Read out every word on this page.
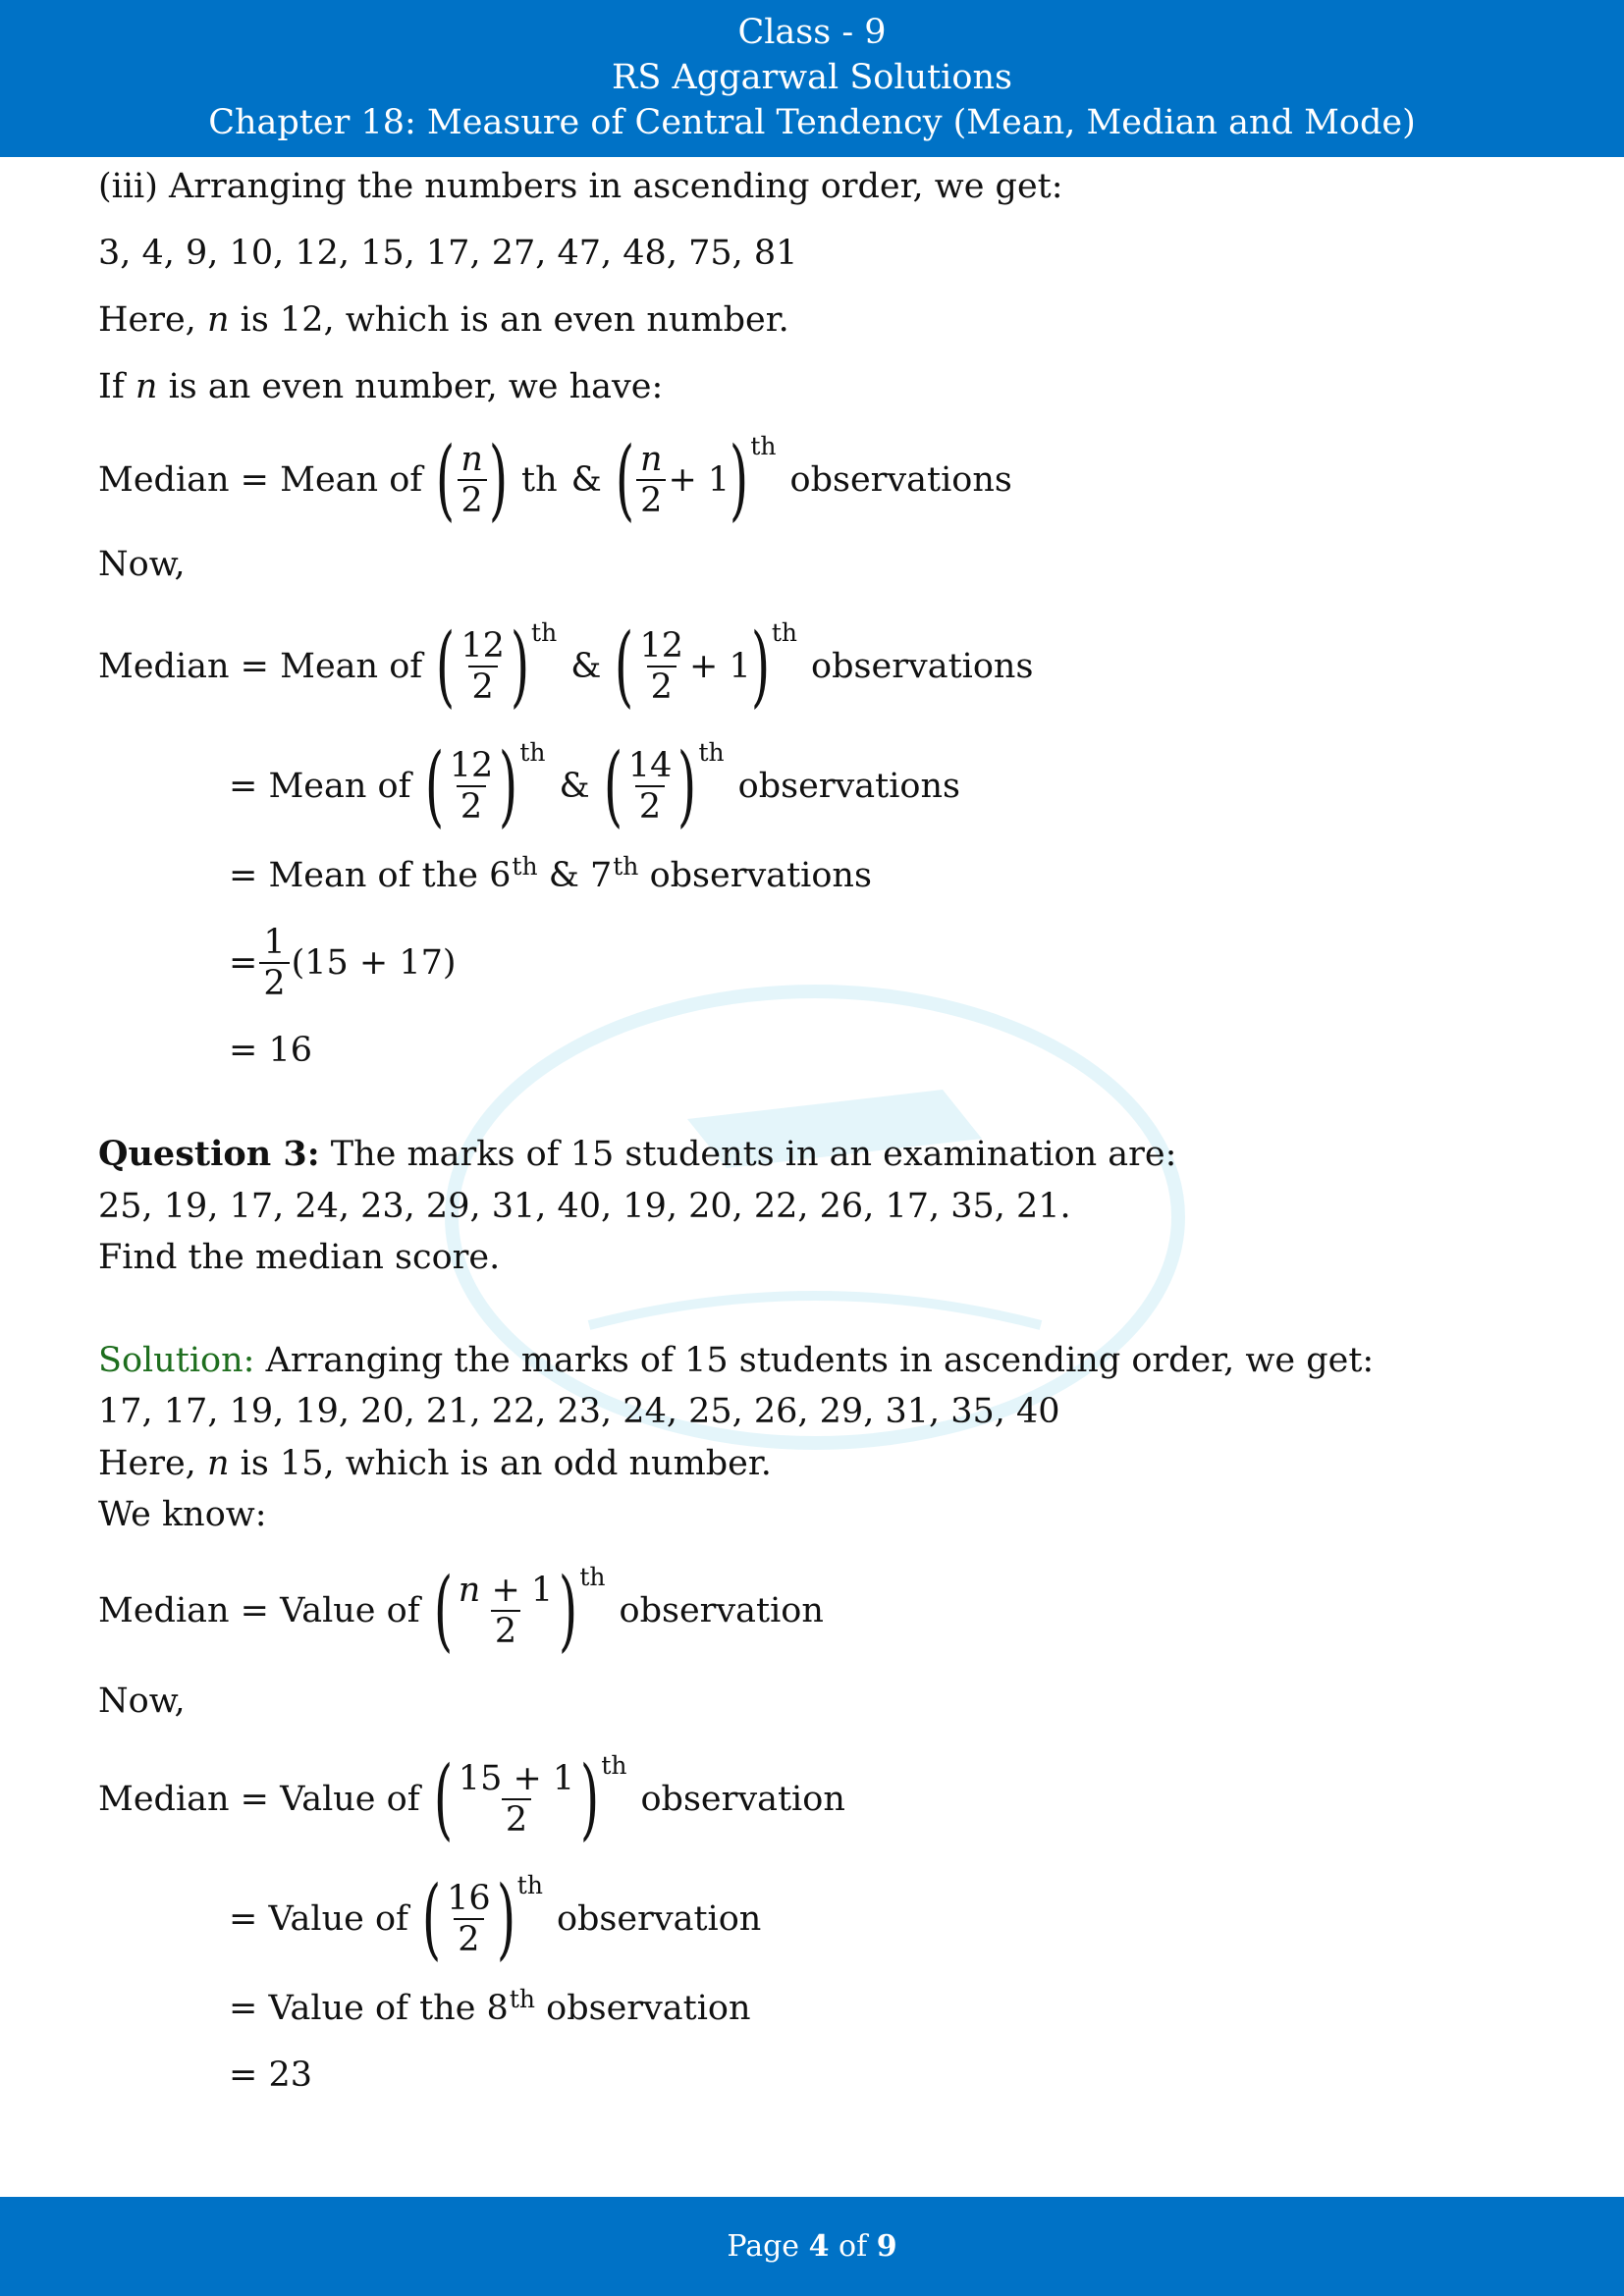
Class - 9
RS Aggarwal Solutions
Chapter 18: Measure of Central Tendency (Mean, Median and Mode)
(iii) Arranging the numbers in ascending order, we get:
3, 4, 9, 10, 12, 15, 17, 27, 47, 48, 75, 81
Here, n is 12, which is an even number.
If n is an even number, we have:
Median = Mean of ( $\frac{n}{2}$ ) th & ( $\frac{n}{2} + 1$ ) th
observations
Now,
Median = Mean of ( $\frac{12}{2}$ ) th
& ( $\frac{12}{2} + 1$ ) th
observations
= Mean of ( $\frac{12}{2}$ ) th
& ( $\frac{14}{2}$ ) th
observations
= Mean of the 6th & 7th observations
= $\frac{1}{2} (15 + 17)$
= 16
Question 3: The marks of 15 students in an examination are:
25, 19, 17, 24, 23, 29, 31, 40, 19, 20, 22, 26, 17, 35, 21.
Find the median score.
Solution: Arranging the marks of 15 students in ascending order, we get:
17, 17, 19, 19, 20, 21, 22, 23, 24, 25, 26, 29, 31, 35, 40
Here, n is 15, which is an odd number.
We know:
Median = Value of ( $\frac{n + 1}{2}$ ) th
observation
Now,
Median = Value of ( $\frac{15 + 1}{2}$ ) th
observation
= Value of ( $\frac{16}{2}$ ) th
observation
= Value of the 8th observation
= 23
Page 4 of 9
